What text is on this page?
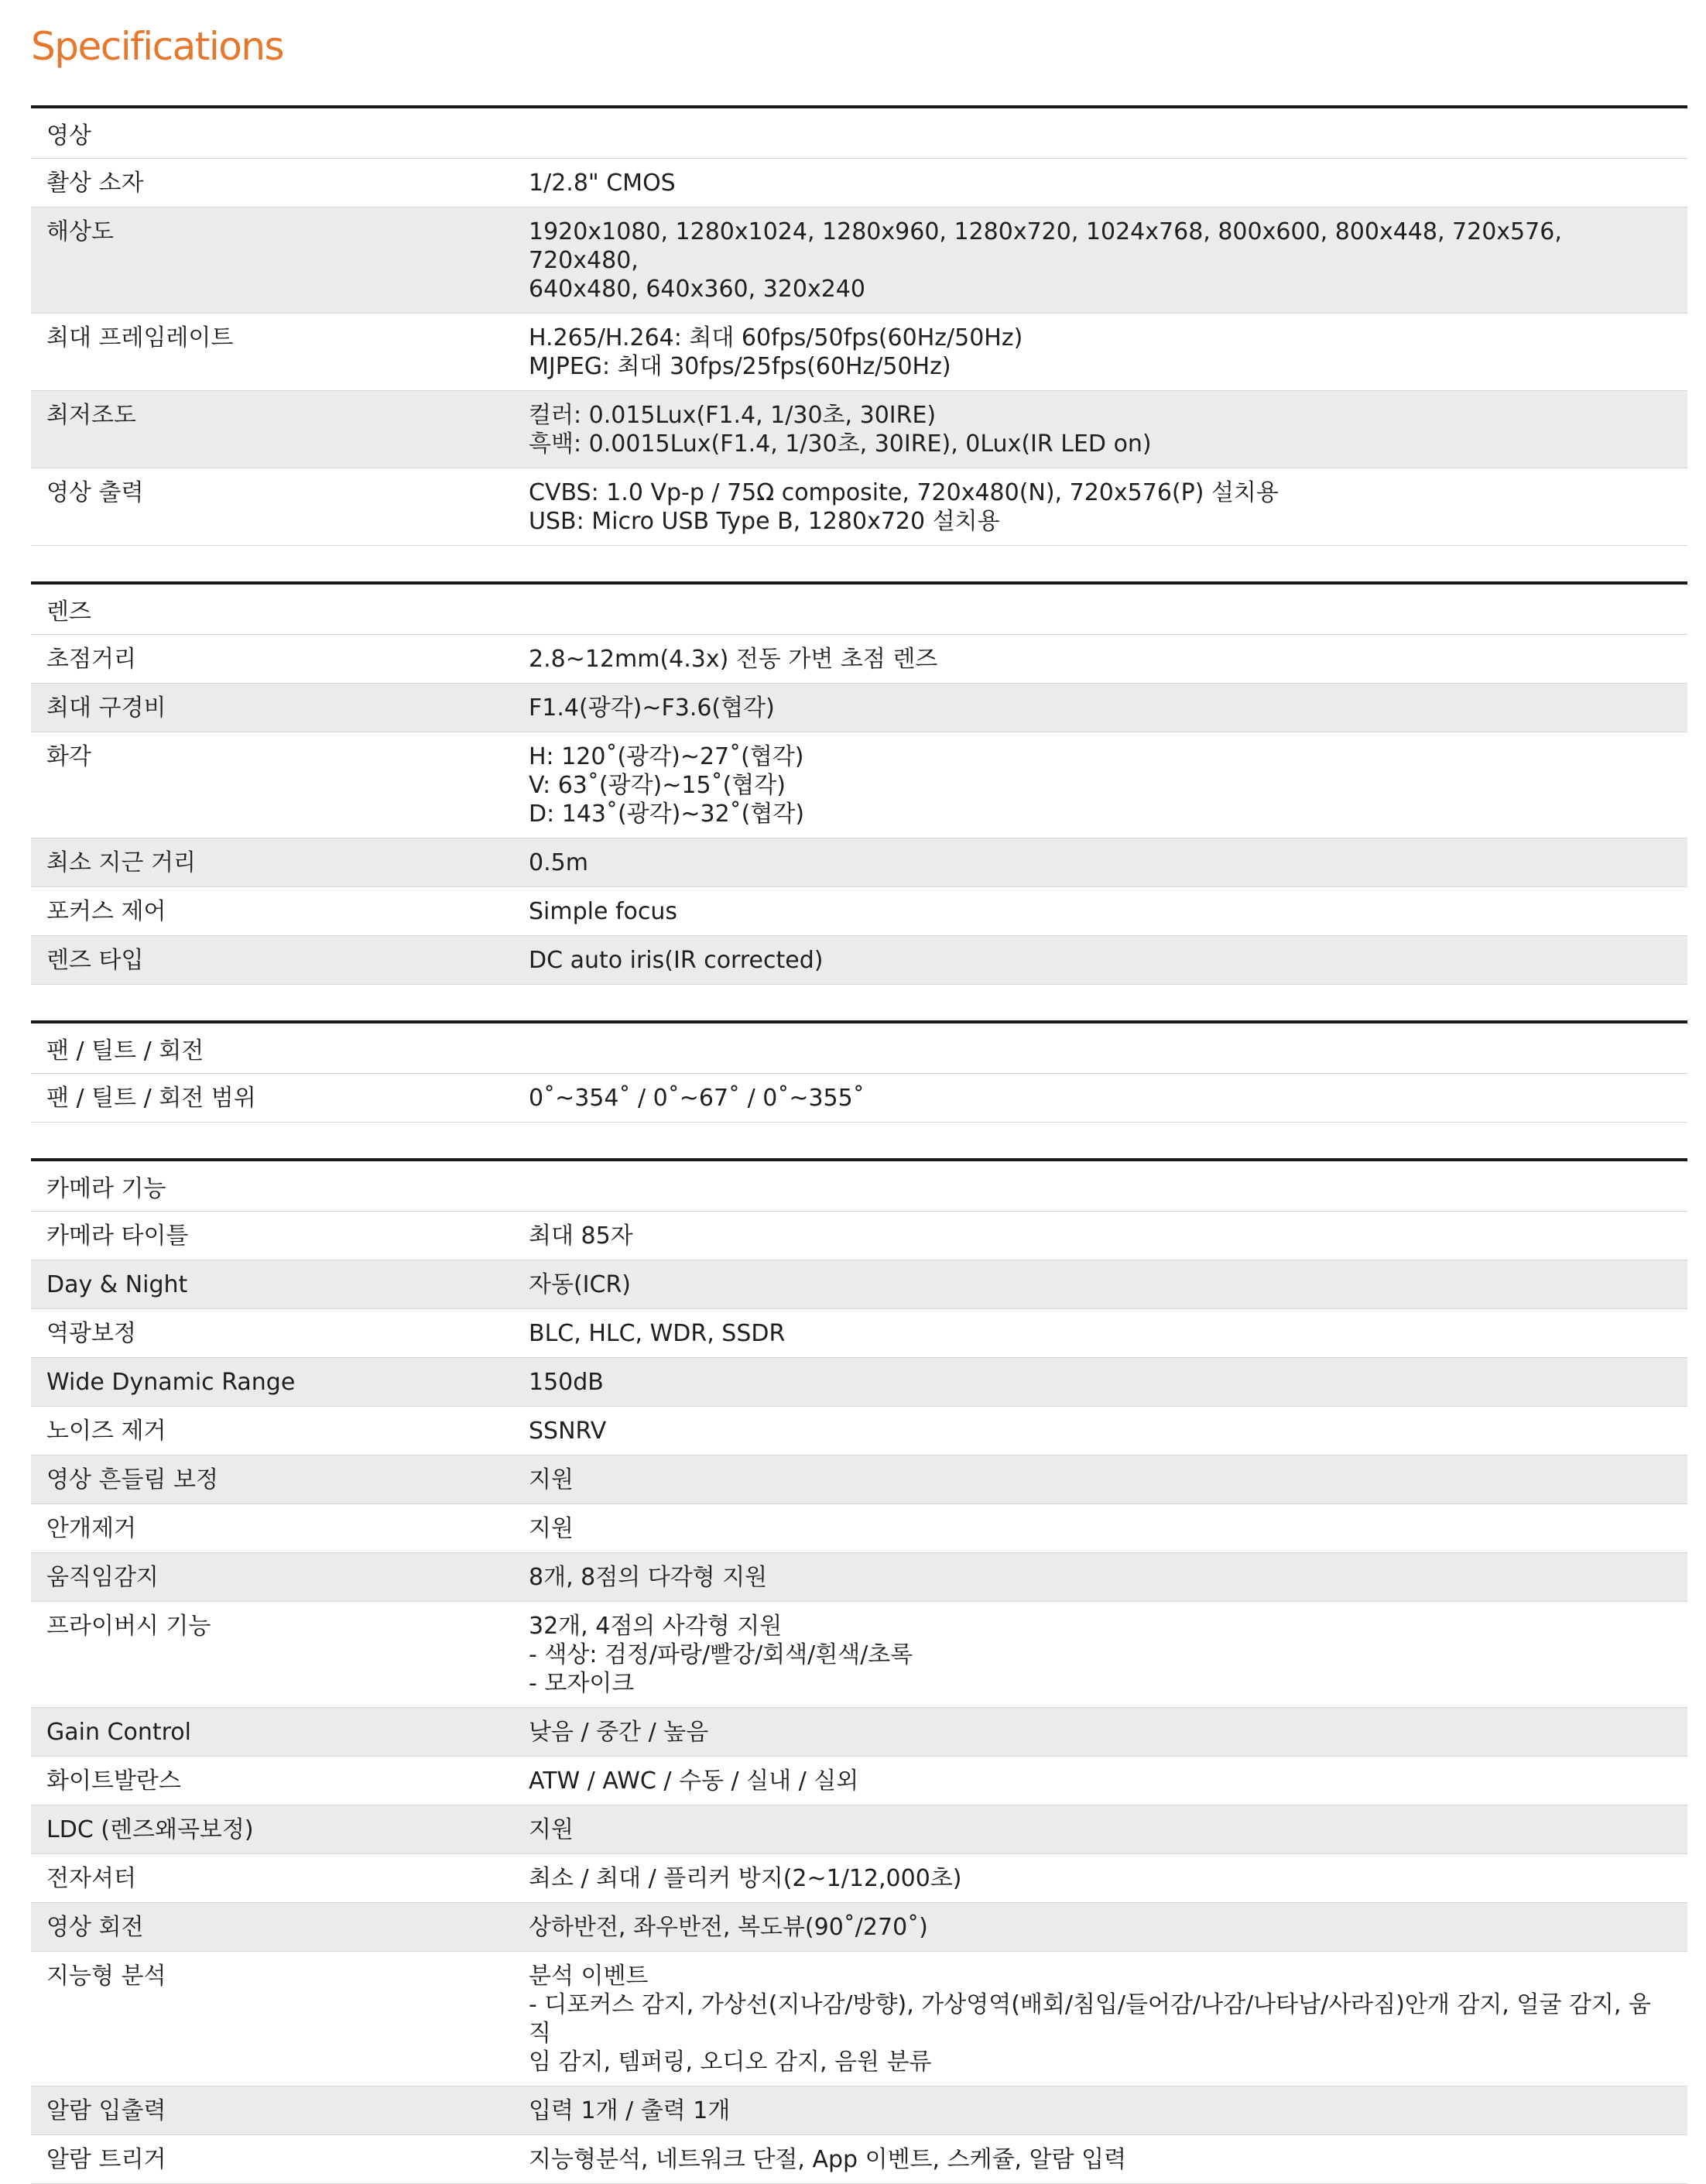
Specifications
영상
촬상 소자	1/2.8" CMOS
해상도	1920x1080, 1280x1024, 1280x960, 1280x720, 1024x768, 800x600, 800x448, 720x576, 720x480,
640x480, 640x360, 320x240
최대 프레임레이트	H.265/H.264: 최대 60fps/50fps(60Hz/50Hz)
MJPEG: 최대 30fps/25fps(60Hz/50Hz)
최저조도	컬러: 0.015Lux(F1.4, 1/30초, 30IRE)
흑백: 0.0015Lux(F1.4, 1/30초, 30IRE), 0Lux(IR LED on)
영상 출력	CVBS: 1.0 Vp-p / 75Ω composite, 720x480(N), 720x576(P) 설치용
USB: Micro USB Type B, 1280x720 설치용
렌즈
초점거리	2.8~12mm(4.3x) 전동 가변 초점 렌즈
최대 구경비	F1.4(광각)~F3.6(협각)
화각	H: 120˚(광각)~27˚(협각)
V: 63˚(광각)~15˚(협각)
D: 143˚(광각)~32˚(협각)
최소 지근 거리	0.5m
포커스 제어	Simple focus
렌즈 타입	DC auto iris(IR corrected)
팬 / 틸트 / 회전
팬 / 틸트 / 회전 범위	0˚~354˚ / 0˚~67˚ / 0˚~355˚
카메라 기능
카메라 타이틀	최대 85자
Day & Night	자동(ICR)
역광보정	BLC, HLC, WDR, SSDR
Wide Dynamic Range	150dB
노이즈 제거	SSNRV
영상 흔들림 보정	지원
안개제거	지원
움직임감지	8개, 8점의 다각형 지원
프라이버시 기능	32개, 4점의 사각형 지원
- 색상: 검정/파랑/빨강/회색/흰색/초록
- 모자이크
Gain Control	낮음 / 중간 / 높음
화이트발란스	ATW / AWC / 수동 / 실내 / 실외
LDC (렌즈왜곡보정)	지원
전자셔터	최소 / 최대 / 플리커 방지(2~1/12,000초)
영상 회전	상하반전, 좌우반전, 복도뷰(90˚/270˚)
지능형 분석	분석 이벤트
- 디포커스 감지, 가상선(지나감/방향), 가상영역(배회/침입/들어감/나감/나타남/사라짐)안개 감지, 얼굴 감지, 움직
임 감지, 템퍼링, 오디오 감지, 음원 분류
알람 입출력	입력 1개 / 출력 1개
알람 트리거	지능형분석, 네트워크 단절, App 이벤트, 스케쥴, 알람 입력
